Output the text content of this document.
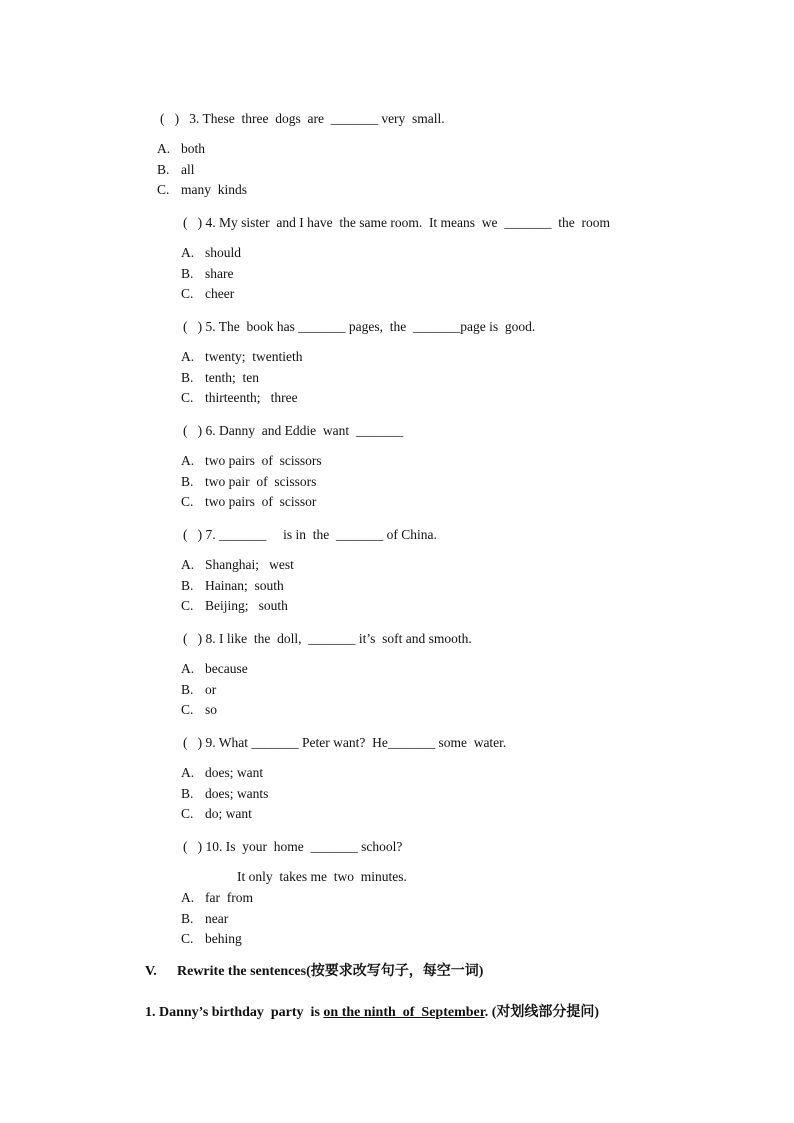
(   )   3. These  three  dogs  are  _______ very  small.
A. both
B. all
C. many  kinds
(   ) 4. My sister  and I have  the same room.  It means  we  _______  the  room
A. should
B. share
C. cheer
(   ) 5. The  book has _______ pages,  the  _______page is  good.
A. twenty;  twentieth
B. tenth;  ten
C. thirteenth;   three
(   ) 6. Danny  and Eddie  want  _______
A. two pairs  of  scissors
B. two pair  of  scissors
C. two pairs  of  scissor
(   ) 7. _______     is in  the  _______ of China.
A. Shanghai;   west
B. Hainan;  south
C. Beijing;   south
(   ) 8. I like  the  doll,  _______ it’s  soft and smooth.
A. because
B. or
C. so
(   ) 9. What _______ Peter want?  He_______ some  water.
A. does; want
B. does; wants
C. do; want
(   ) 10. Is  your  home  _______ school?
It only  takes me  two  minutes.
A. far  from
B. near
C. behing
V. Rewrite the sentences(按要求改写句子，每空一词)
1. Danny’s birthday  party  is on the ninth  of  September. (对划线部分提问)
